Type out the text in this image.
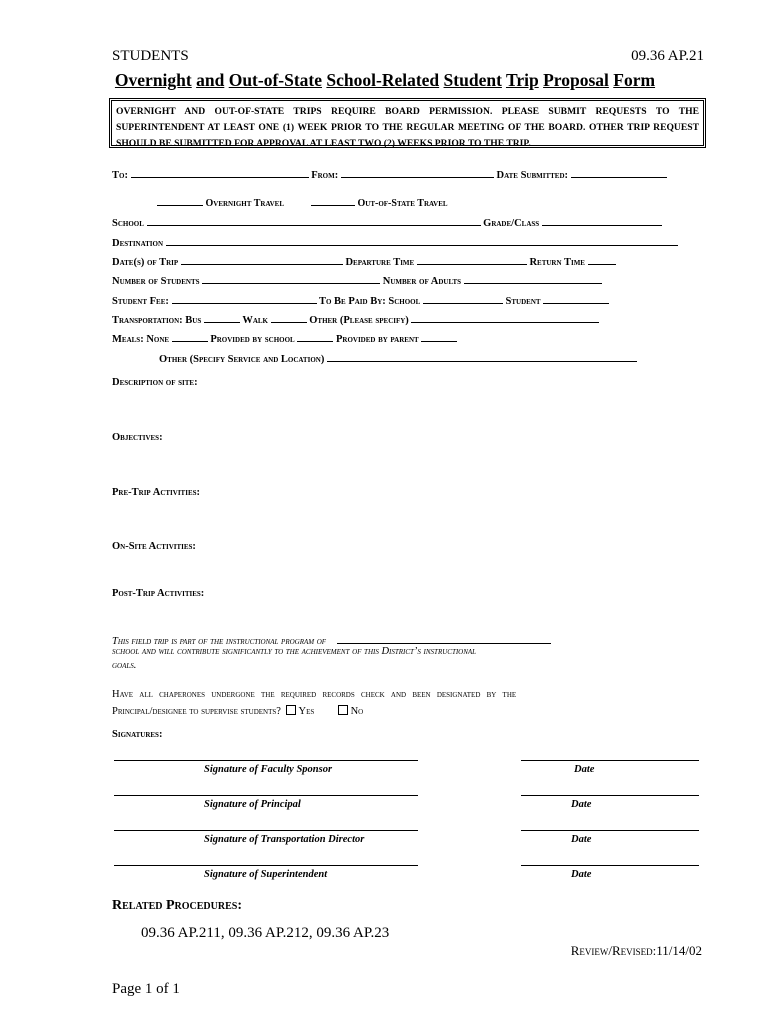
STUDENTS	09.36 AP.21
Overnight and Out-of-State School-Related Student Trip Proposal Form
OVERNIGHT AND OUT-OF-STATE TRIPS REQUIRE BOARD PERMISSION. PLEASE SUBMIT REQUESTS TO THE SUPERINTENDENT AT LEAST ONE (1) WEEK PRIOR TO THE REGULAR MEETING OF THE BOARD. OTHER TRIP REQUEST SHOULD BE SUBMITTED FOR APPROVAL AT LEAST TWO (2) WEEKS PRIOR TO THE TRIP.
To:	From:	Date Submitted:
Overnight Travel	Out-of-State Travel
School	Grade/Class
Destination
Date(s) of Trip	Departure Time	Return Time
Number of Students	Number of Adults
Student Fee:	To Be Paid By: School	Student
Transportation: Bus	Walk	Other (Please specify)
Meals: None	Provided by school	Provided by parent
Other (Specify Service and Location)
Description of site:
Objectives:
Pre-Trip Activities:
On-Site Activities:
Post-Trip Activities:
This field trip is part of the instructional program of
school and will contribute significantly to the achievement of this District’s instructional
goals.
Have all chaperones undergone the required records check and been designated by the
Principal/designee to supervise students? Yes	No
Signatures:
Signature of Faculty Sponsor	Date
Signature of Principal	Date
Signature of Transportation Director	Date
Signature of Superintendent	Date
Related Procedures:
09.36 AP.211, 09.36 AP.212, 09.36 AP.23
Review/Revised:11/14/02
Page 1 of 1
